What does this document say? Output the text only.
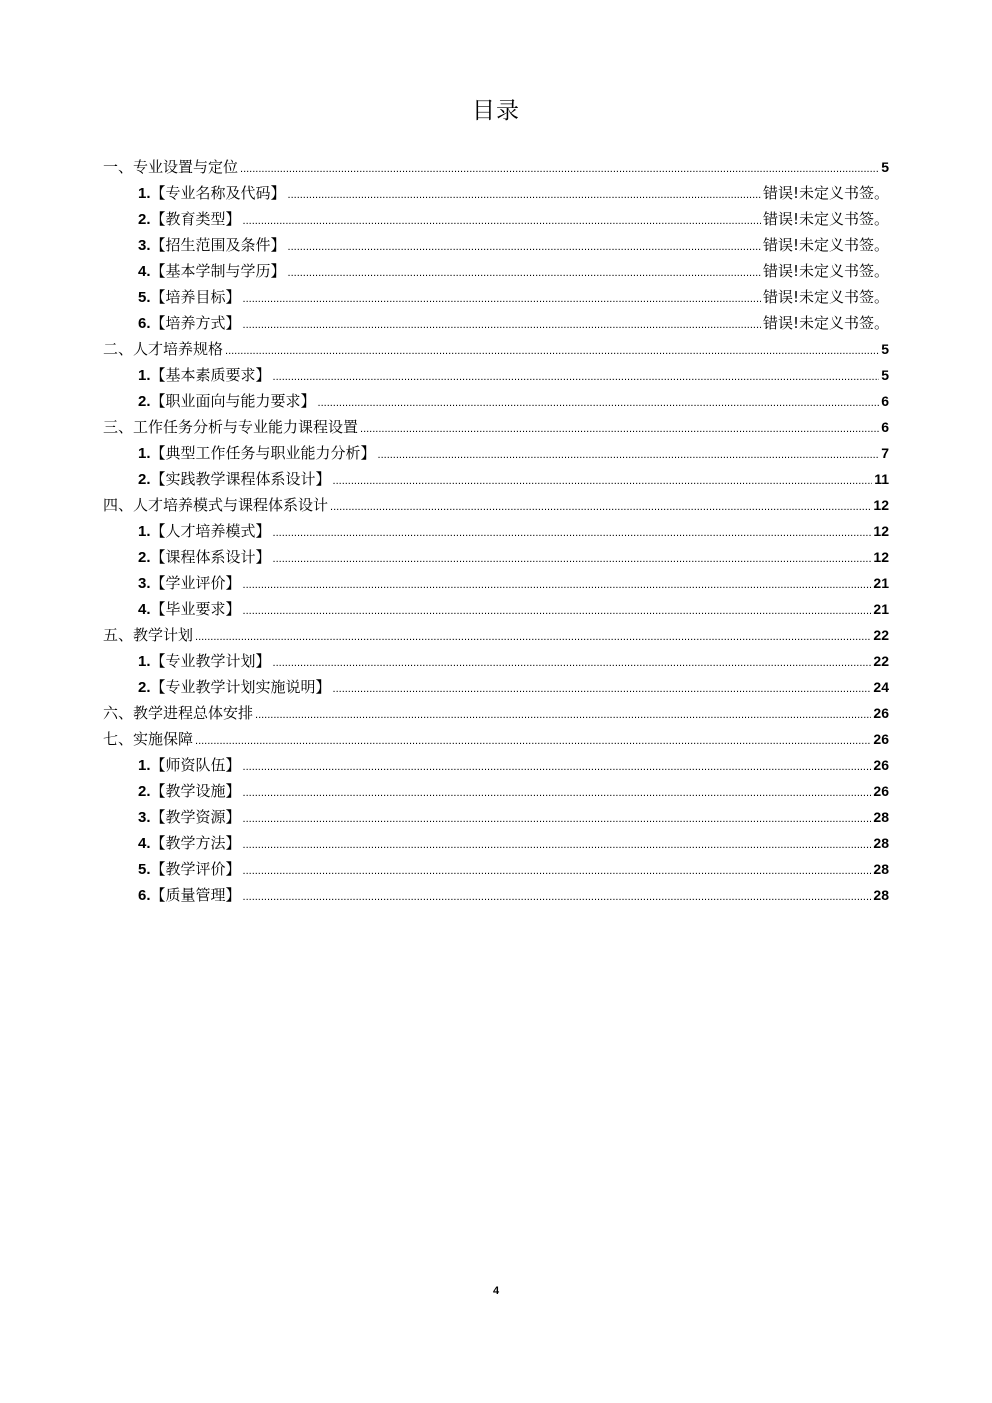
目录
一、专业设置与定位 .....	5
1.【专业名称及代码】 .....	错误!未定义书签。
2.【教育类型】 .....	错误!未定义书签。
3.【招生范围及条件】 .....	错误!未定义书签。
4.【基本学制与学历】 .....	错误!未定义书签。
5.【培养目标】 .....	错误!未定义书签。
6.【培养方式】 .....	错误!未定义书签。
二、人才培养规格 .....	5
1.【基本素质要求】 .....	5
2.【职业面向与能力要求】 .....	6
三、工作任务分析与专业能力课程设置 .....	6
1.【典型工作任务与职业能力分析】 .....	7
2.【实践教学课程体系设计】 .....	11
四、人才培养模式与课程体系设计 .....	12
1.【人才培养模式】 .....	12
2.【课程体系设计】 .....	12
3.【学业评价】 .....	21
4.【毕业要求】 .....	21
五、教学计划 .....	22
1.【专业教学计划】 .....	22
2.【专业教学计划实施说明】 .....	24
六、教学进程总体安排 .....	26
七、实施保障 .....	26
1.【师资队伍】 .....	26
2.【教学设施】 .....	26
3.【教学资源】 .....	28
4.【教学方法】 .....	28
5.【教学评价】 .....	28
6.【质量管理】 .....	28
4
